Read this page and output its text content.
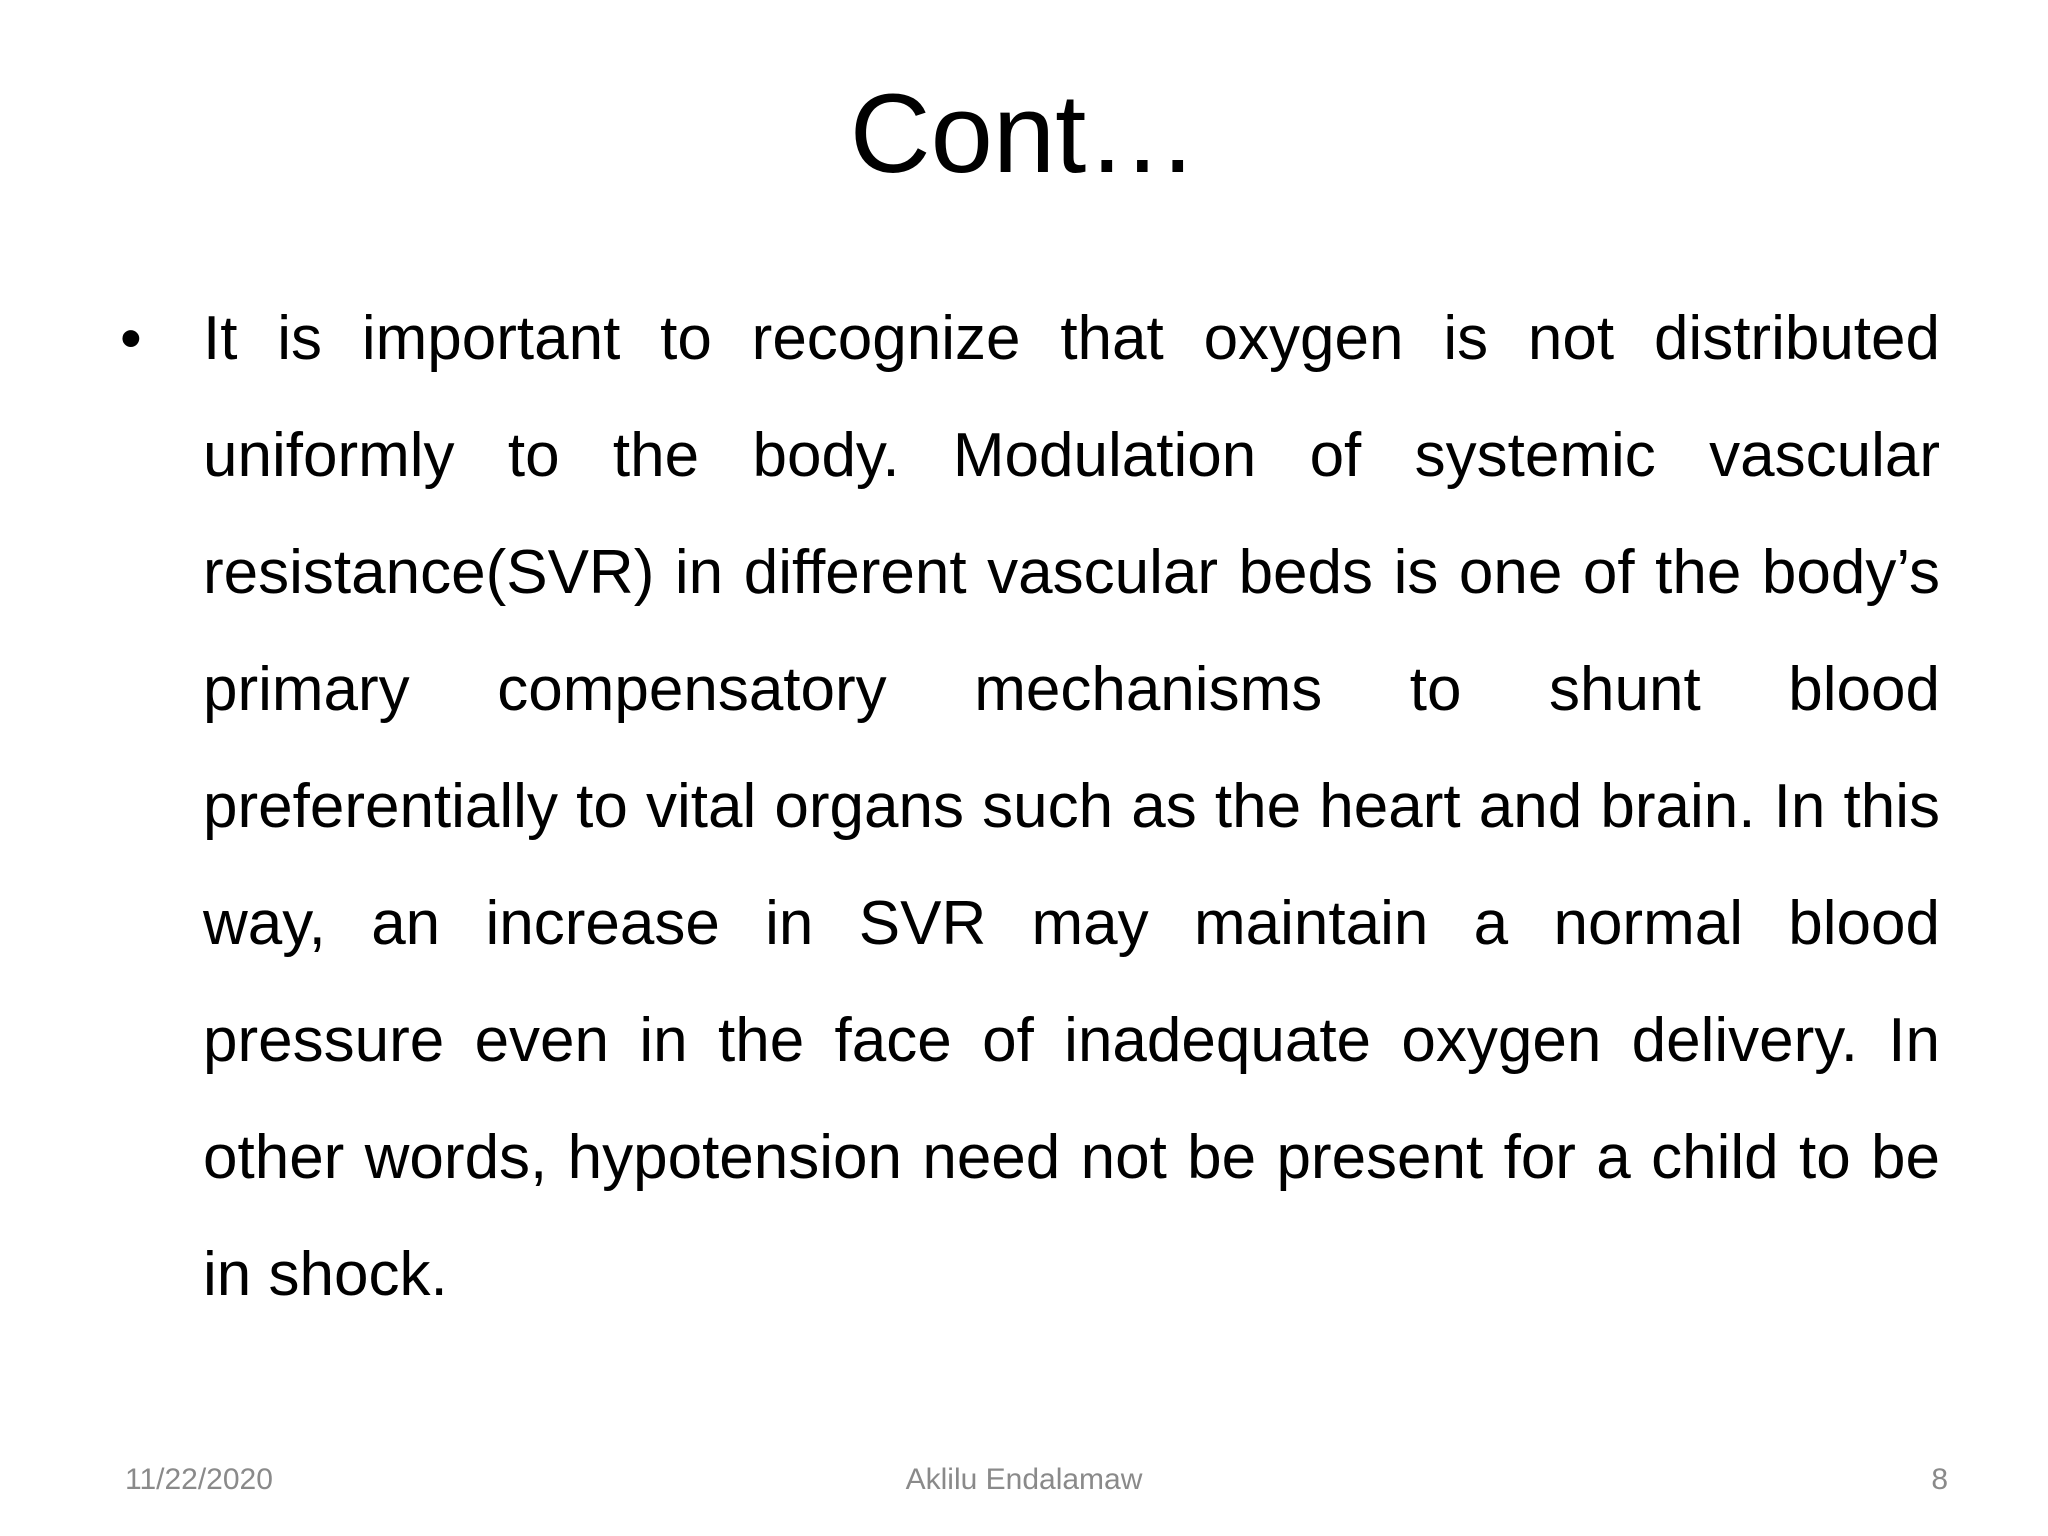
Cont…
• It is important to recognize that oxygen is not distributed uniformly to the body. Modulation of systemic vascular resistance(SVR) in different vascular beds is one of the body’s primary compensatory mechanisms to shunt blood preferentially to vital organs such as the heart and brain. In this way, an increase in SVR may maintain a normal blood pressure even in the face of inadequate oxygen delivery. In other words, hypotension need not be present for a child to be in shock.

11/22/2020	Aklilu Endalamaw	8
